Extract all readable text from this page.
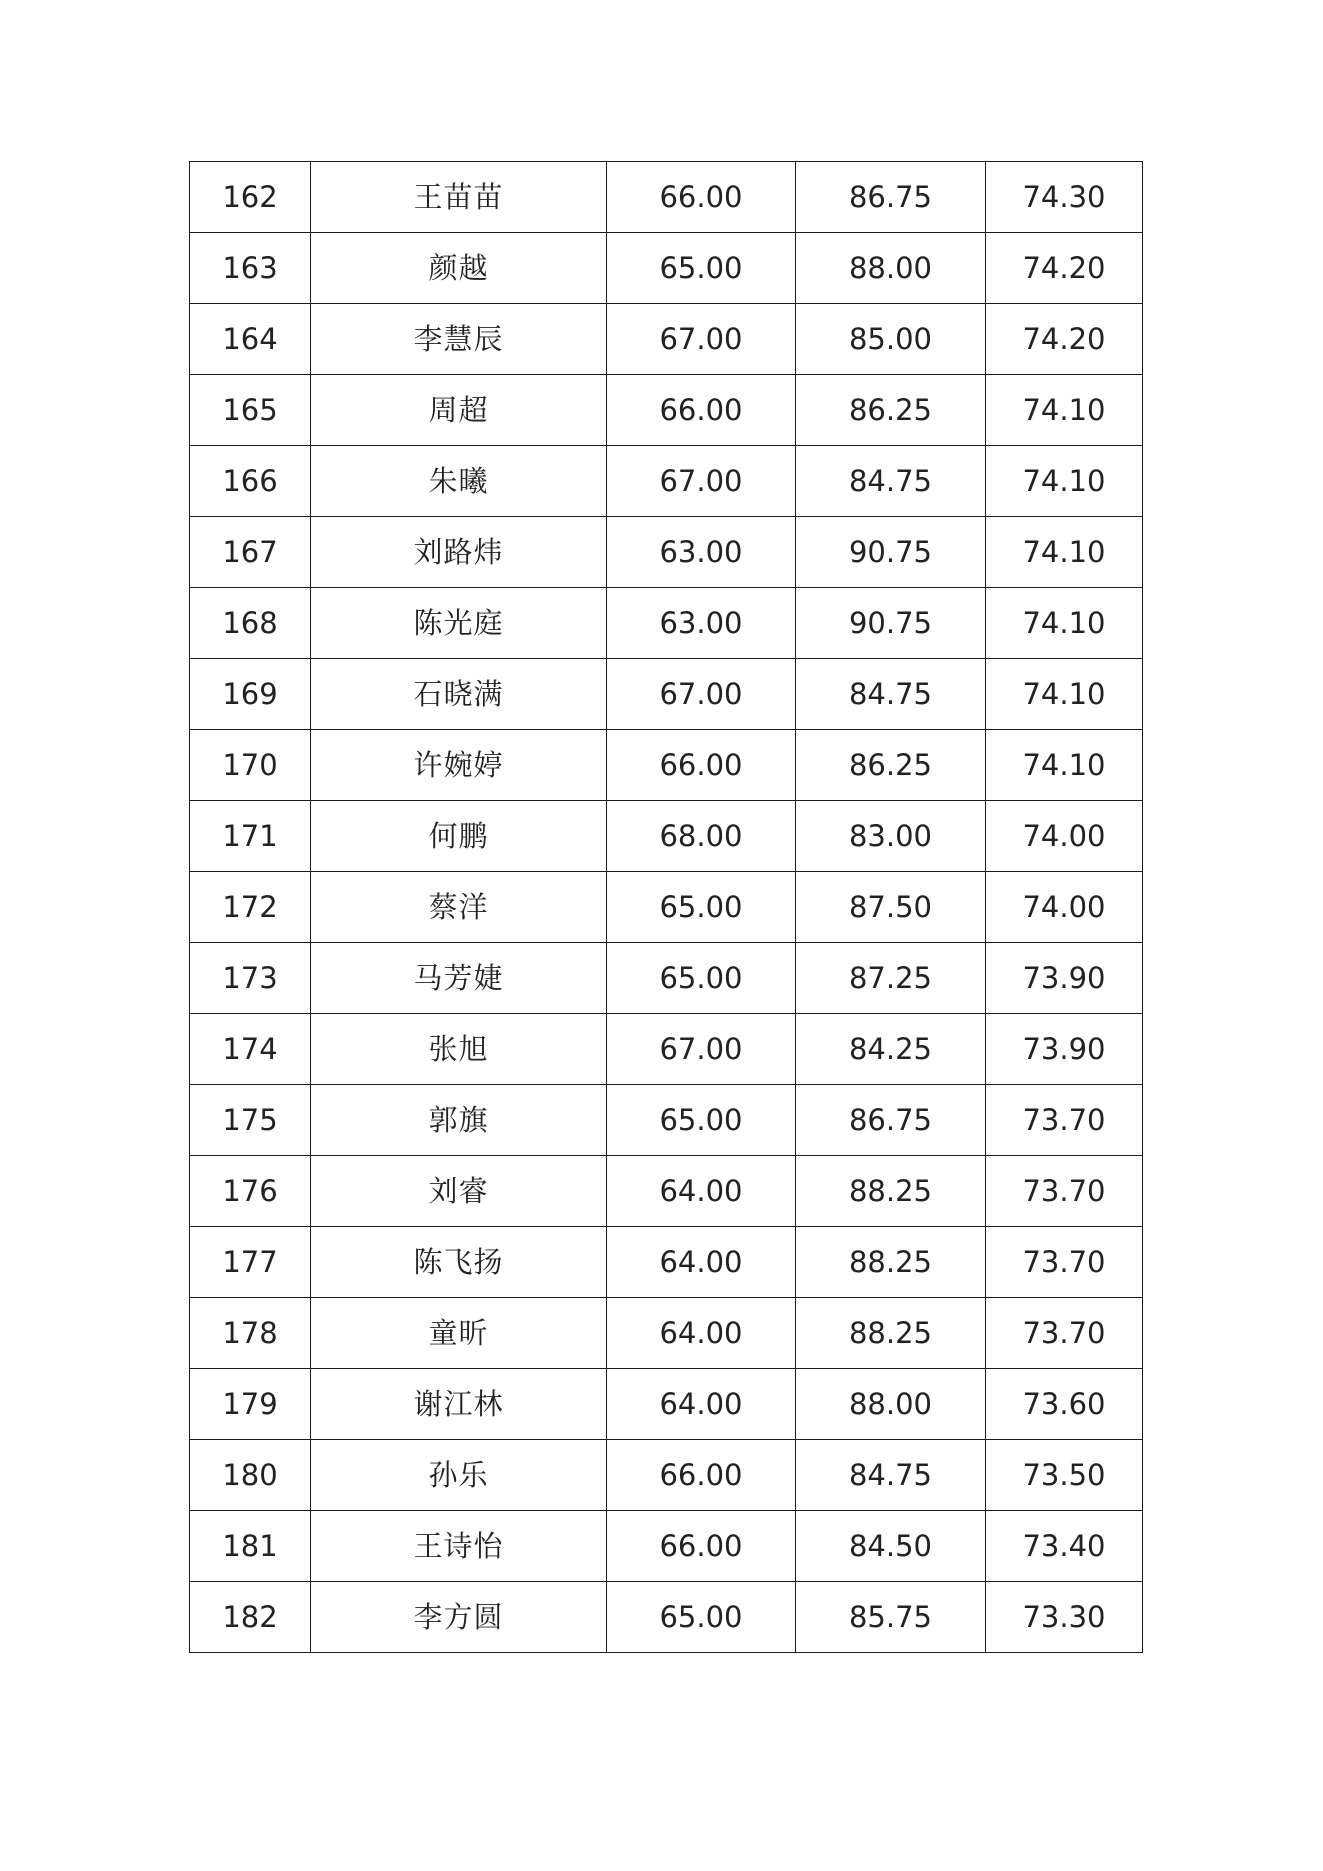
162	王苗苗	66.00	86.75	74.30
163	颜越	65.00	88.00	74.20
164	李慧辰	67.00	85.00	74.20
165	周超	66.00	86.25	74.10
166	朱曦	67.00	84.75	74.10
167	刘路炜	63.00	90.75	74.10
168	陈光庭	63.00	90.75	74.10
169	石晓满	67.00	84.75	74.10
170	许婉婷	66.00	86.25	74.10
171	何鹏	68.00	83.00	74.00
172	蔡洋	65.00	87.50	74.00
173	马芳婕	65.00	87.25	73.90
174	张旭	67.00	84.25	73.90
175	郭旗	65.00	86.75	73.70
176	刘睿	64.00	88.25	73.70
177	陈飞扬	64.00	88.25	73.70
178	童昕	64.00	88.25	73.70
179	谢江林	64.00	88.00	73.60
180	孙乐	66.00	84.75	73.50
181	王诗怡	66.00	84.50	73.40
182	李方圆	65.00	85.75	73.30
